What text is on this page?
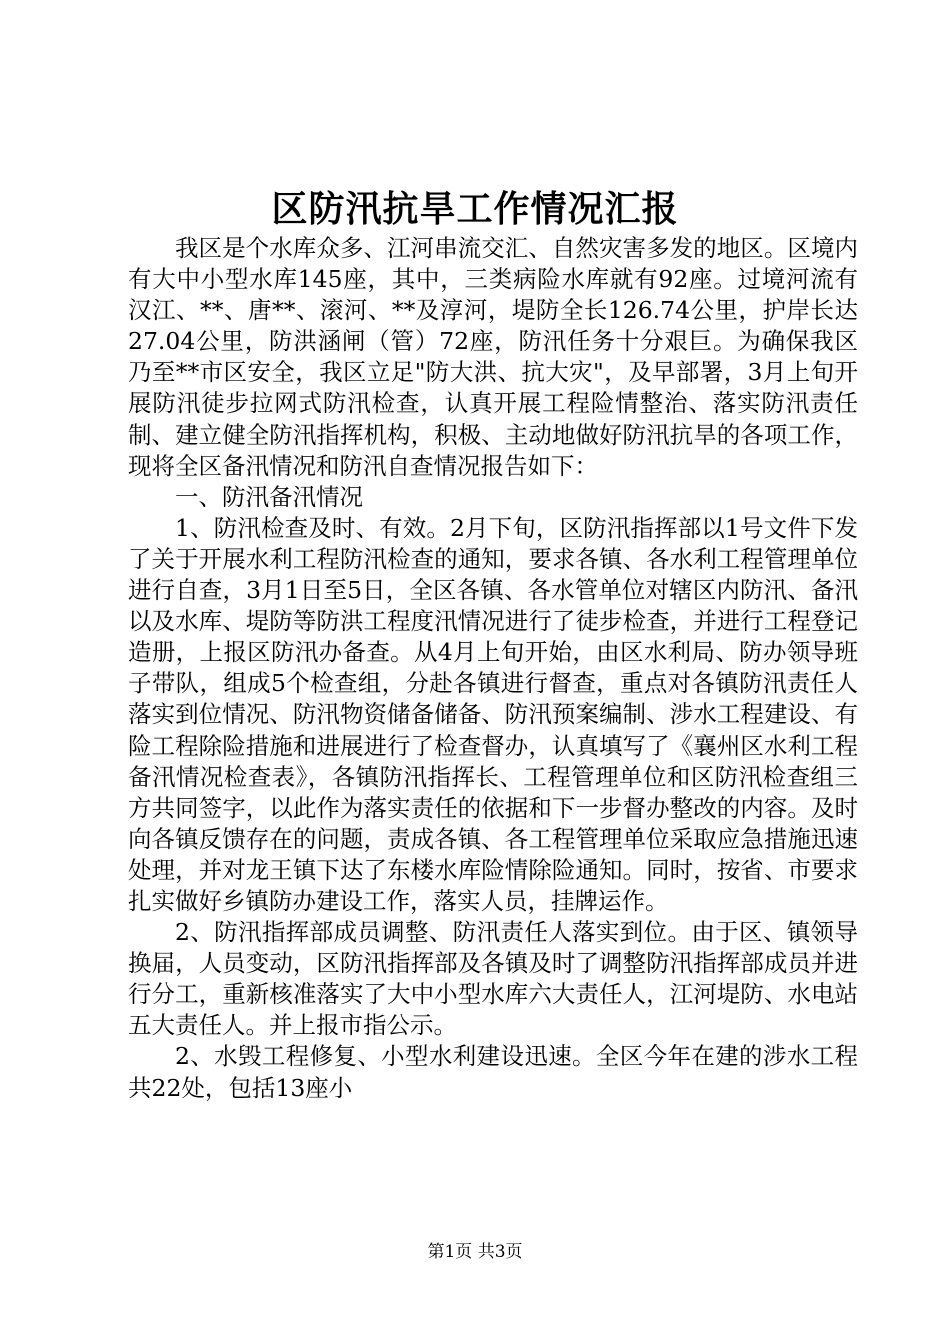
区防汛抗旱工作情况汇报

我区是个水库众多、江河串流交汇、自然灾害多发的地区。区境内有大中小型水库145座，其中，三类病险水库就有92座。过境河流有汉江、**、唐**、滚河、**及淳河，堤防全长126.74公里，护岸长达27.04公里，防洪涵闸（管）72座，防汛任务十分艰巨。为确保我区乃至**市区安全，我区立足"防大洪、抗大灾"，及早部署，3月上旬开展防汛徒步拉网式防汛检查，认真开展工程险情整治、落实防汛责任制、建立健全防汛指挥机构，积极、主动地做好防汛抗旱的各项工作，现将全区备汛情况和防汛自查情况报告如下：

一、防汛备汛情况

1、防汛检查及时、有效。2月下旬，区防汛指挥部以1号文件下发了关于开展水利工程防汛检查的通知，要求各镇、各水利工程管理单位进行自查，3月1日至5日，全区各镇、各水管单位对辖区内防汛、备汛以及水库、堤防等防洪工程度汛情况进行了徒步检查，并进行工程登记造册，上报区防汛办备查。从4月上旬开始，由区水利局、防办领导班子带队，组成5个检查组，分赴各镇进行督查，重点对各镇防汛责任人落实到位情况、防汛物资储备储备、防汛预案编制、涉水工程建设、有险工程除险措施和进展进行了检查督办，认真填写了《襄州区水利工程备汛情况检查表》，各镇防汛指挥长、工程管理单位和区防汛检查组三方共同签字，以此作为落实责任的依据和下一步督办整改的内容。及时向各镇反馈存在的问题，责成各镇、各工程管理单位采取应急措施迅速处理，并对龙王镇下达了东楼水库险情除险通知。同时，按省、市要求扎实做好乡镇防办建设工作，落实人员，挂牌运作。

2、防汛指挥部成员调整、防汛责任人落实到位。由于区、镇领导换届，人员变动，区防汛指挥部及各镇及时了调整防汛指挥部成员并进行分工，重新核准落实了大中小型水库六大责任人，江河堤防、水电站五大责任人。并上报市指公示。

2、水毁工程修复、小型水利建设迅速。全区今年在建的涉水工程共22处，包括13座小

第1页 共3页
